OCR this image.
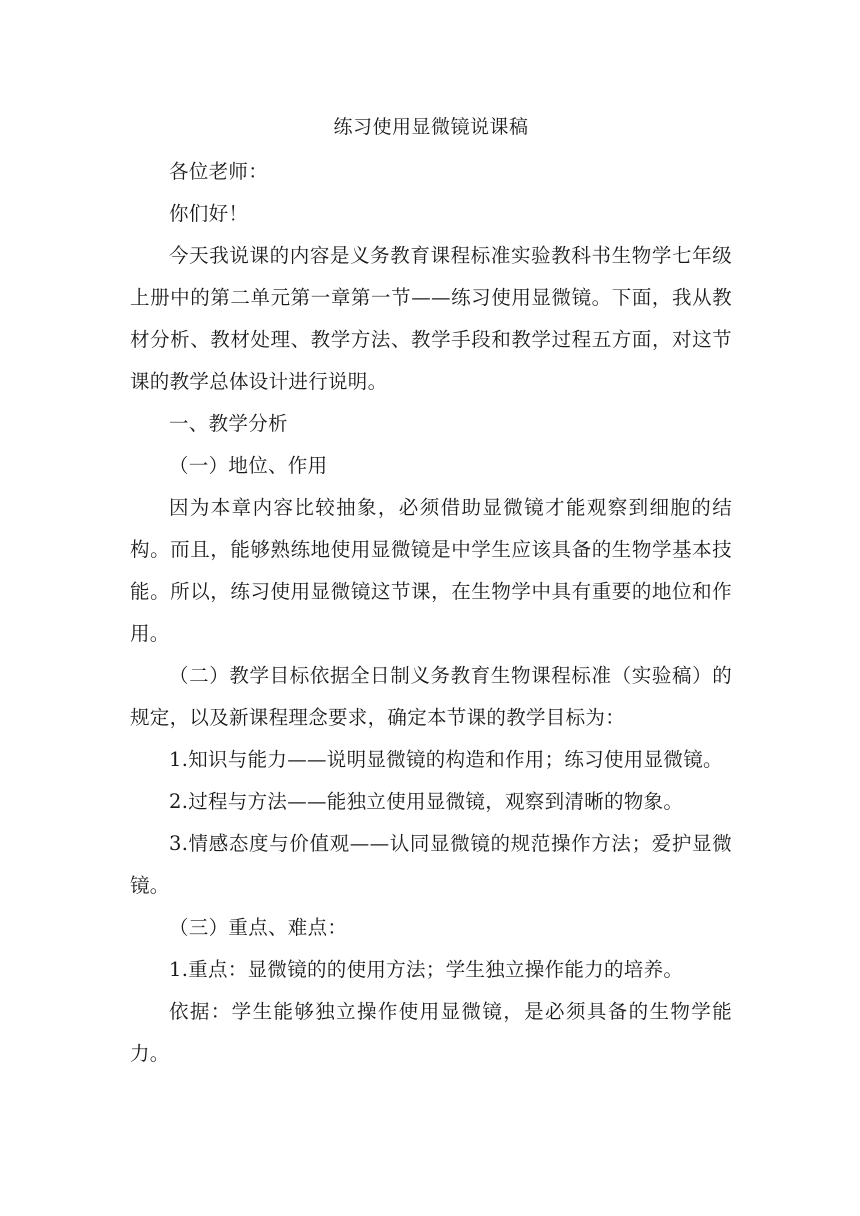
练习使用显微镜说课稿

各位老师：

你们好！

今天我说课的内容是义务教育课程标准实验教科书生物学七年级上册中的第二单元第一章第一节——练习使用显微镜。下面，我从教材分析、教材处理、教学方法、教学手段和教学过程五方面，对这节课的教学总体设计进行说明。

一、教学分析

（一）地位、作用

因为本章内容比较抽象，必须借助显微镜才能观察到细胞的结构。而且，能够熟练地使用显微镜是中学生应该具备的生物学基本技能。所以，练习使用显微镜这节课，在生物学中具有重要的地位和作用。

（二）教学目标依据全日制义务教育生物课程标准（实验稿）的规定，以及新课程理念要求，确定本节课的教学目标为：

1.知识与能力——说明显微镜的构造和作用；练习使用显微镜。

2.过程与方法——能独立使用显微镜，观察到清晰的物象。

3.情感态度与价值观——认同显微镜的规范操作方法；爱护显微镜。

（三）重点、难点：

1.重点：显微镜的的使用方法；学生独立操作能力的培养。

依据：学生能够独立操作使用显微镜，是必须具备的生物学能力。
